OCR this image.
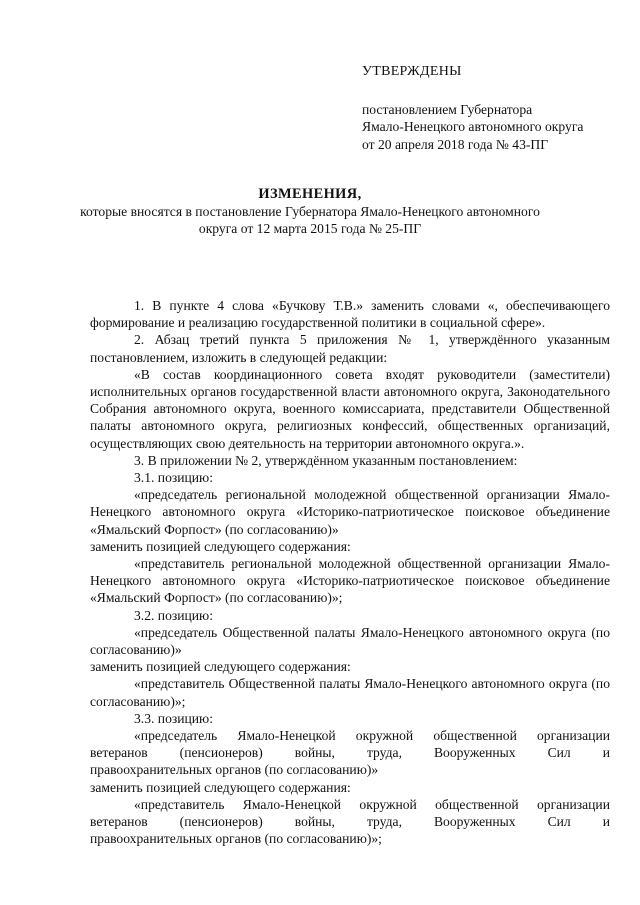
УТВЕРЖДЕНЫ
постановлением Губернатора
Ямало-Ненецкого автономного округа
от 20 апреля 2018 года № 43-ПГ
ИЗМЕНЕНИЯ,
которые вносятся в постановление Губернатора Ямало-Ненецкого автономного округа от 12 марта 2015 года № 25-ПГ
1. В пункте 4 слова «Бучкову Т.В.» заменить словами «, обеспечивающего формирование и реализацию государственной политики в социальной сфере».
2. Абзац третий пункта 5 приложения № 1, утверждённого указанным постановлением, изложить в следующей редакции:
«В состав координационного совета входят руководители (заместители) исполнительных органов государственной власти автономного округа, Законодательного Собрания автономного округа, военного комиссариата, представители Общественной палаты автономного округа, религиозных конфессий, общественных организаций, осуществляющих свою деятельность на территории автономного округа.».
3. В приложении № 2, утверждённом указанным постановлением:
3.1. позицию:
«председатель региональной молодежной общественной организации Ямало-Ненецкого автономного округа «Историко-патриотическое поисковое объединение «Ямальский Форпост» (по согласованию)»
заменить позицией следующего содержания:
«представитель региональной молодежной общественной организации Ямало-Ненецкого автономного округа «Историко-патриотическое поисковое объединение «Ямальский Форпост» (по согласованию)»;
3.2. позицию:
«председатель Общественной палаты Ямало-Ненецкого автономного округа (по согласованию)»
заменить позицией следующего содержания:
«представитель Общественной палаты Ямало-Ненецкого автономного округа (по согласованию)»;
3.3. позицию:
«председатель Ямало-Ненецкой окружной общественной организации
ветеранов (пенсионеров) войны, труда, Вооруженных Сил и
правоохранительных органов (по согласованию)»
заменить позицией следующего содержания:
«представитель Ямало-Ненецкой окружной общественной организации
ветеранов (пенсионеров) войны, труда, Вооруженных Сил и
правоохранительных органов (по согласованию)»;
